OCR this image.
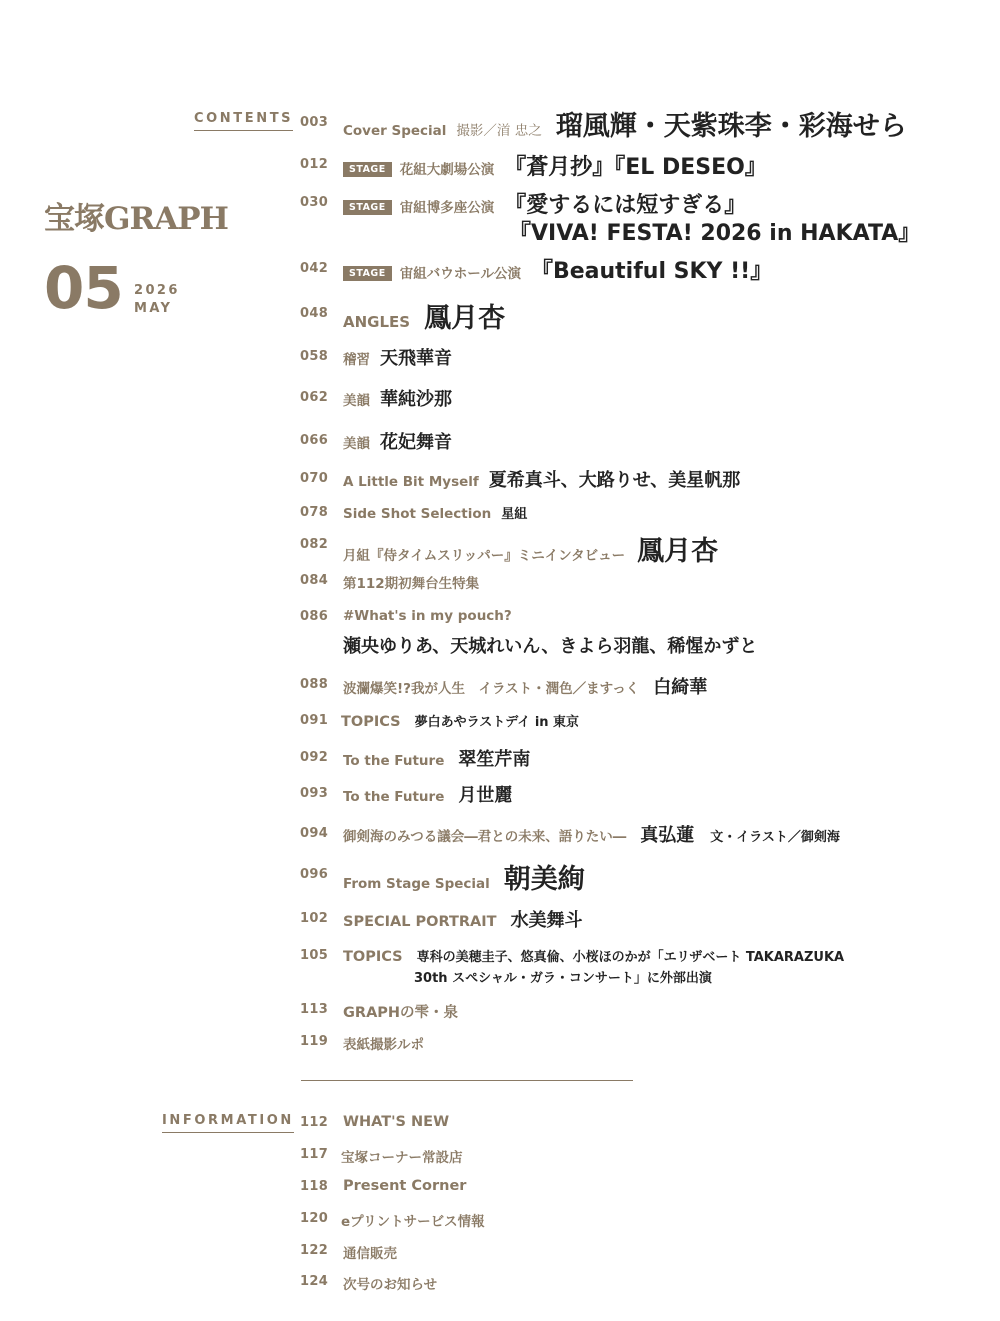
宝塚GRAPH
05 2026
MAY
CONTENTS
INFORMATION
003
Cover Special 撮影／渞 忠之 瑠風輝・天紫珠李・彩海せら
012	STAGE	花組大劇場公演 『蒼月抄』『EL DESEO』
030	STAGE	宙組博多座公演 『愛するには短すぎる』
『VIVA! FESTA! 2026 in HAKATA』
042	STAGE	宙組バウホール公演 『Beautiful SKY !!』
048 ANGLES 鳳月杏
058	稽習 天飛華音
062	美韻 華純沙那
066	美韻 花妃舞音
070	A Little Bit Myself 夏希真斗、大路りせ、美星帆那
078	Side Shot Selection 星組
082
月組『侍タイムスリッパー』ミニインタビュー 鳳月杏
084	第112期初舞台生特集
086	#What's in my pouch?
瀬央ゆりあ、天城れいん、きよら羽龍、稀惺かずと
088	波瀾爆笑!?我が人生　イラスト・潤色／ますっく 白綺華
091 TOPICS 夢白あやラストデイ in 東京
092	To the Future 翠笙芹南
093	To the Future 月世麗
094	御剣海のみつる議会―君との未来、語りたい― 真弘蓮 文・イラスト／御剣海
096
From Stage Special 朝美絢
102	SPECIAL PORTRAIT 水美舞斗
105	TOPICS 専科の美穂圭子、悠真倫、小桜ほのかが「エリザベート TAKARAZUKA
30th スペシャル・ガラ・コンサート」に外部出演
113	GRAPHの雫・泉
119	表紙撮影ルポ
112	WHAT'S NEW
117 宝塚コーナー常設店
118	Present Corner
120 eプリントサービス情報
122	通信販売
124	次号のお知らせ
